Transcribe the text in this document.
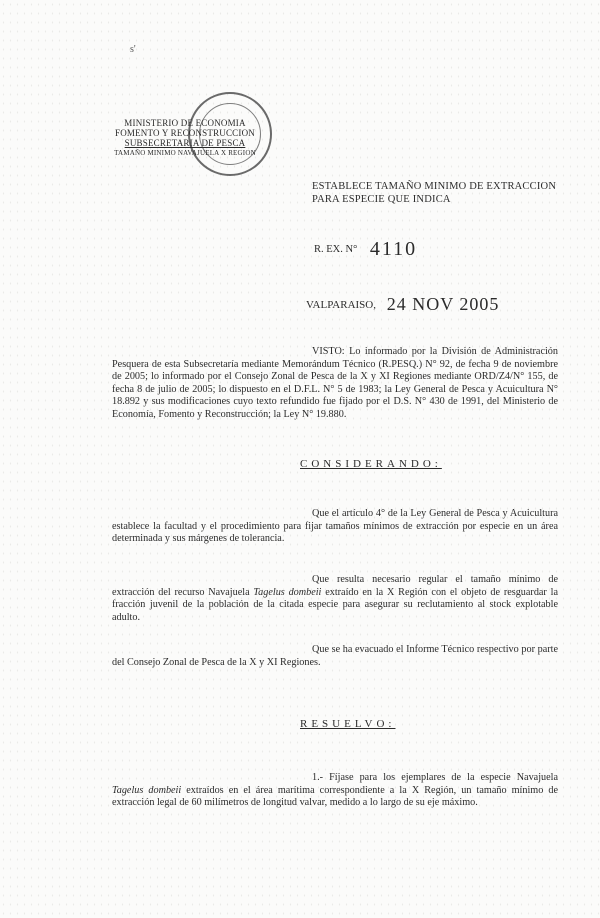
s'
MINISTERIO DE ECONOMIA
FOMENTO Y RECONSTRUCCION
SUBSECRETARIA DE PESCA
TAMAÑO MINIMO NAVAJUELA X REGION
ESTABLECE TAMAÑO MINIMO DE EXTRACCION
PARA ESPECIE QUE INDICA
R. EX. N° 4110
VALPARAISO, 24 NOV 2005

VISTO: Lo informado por la División de Administración Pesquera de esta Subsecretaría mediante Memorándum Técnico (R.PESQ.) N° 92, de fecha 9 de noviembre de 2005; lo informado por el Consejo Zonal de Pesca de la X y XI Regiones mediante ORD/Z4/N° 155, de fecha 8 de julio de 2005; lo dispuesto en el D.F.L. N° 5 de 1983; la Ley General de Pesca y Acuicultura N° 18.892 y sus modificaciones cuyo texto refundido fue fijado por el D.S. N° 430 de 1991, del Ministerio de Economía, Fomento y Reconstrucción; la Ley N° 19.880.

CONSIDERANDO:

Que el artículo 4° de la Ley General de Pesca y Acuicultura establece la facultad y el procedimiento para fijar tamaños mínimos de extracción por especie en un área determinada y sus márgenes de tolerancia.

Que resulta necesario regular el tamaño mínimo de extracción del recurso Navajuela Tagelus dombeii extraído en la X Región con el objeto de resguardar la fracción juvenil de la población de la citada especie para asegurar su reclutamiento al stock explotable adulto.

Que se ha evacuado el Informe Técnico respectivo por parte del Consejo Zonal de Pesca de la X y XI Regiones.

RESUELVO:

1.- Fíjase para los ejemplares de la especie Navajuela Tagelus dombeii extraídos en el área marítima correspondiente a la X Región, un tamaño mínimo de extracción legal de 60 milímetros de longitud valvar, medido a lo largo de su eje máximo.
